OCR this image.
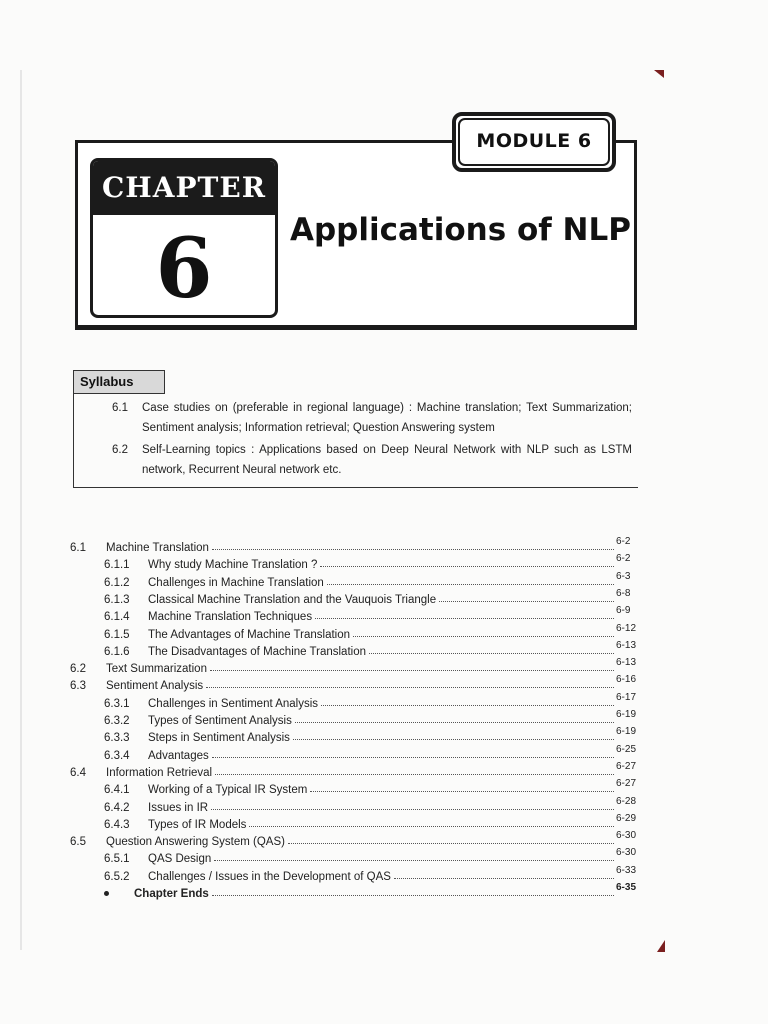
MODULE 6
CHAPTER
6	Applications of NLP
Syllabus
6.1 Case studies on (preferable in regional language) : Machine translation; Text Summarization; Sentiment analysis; Information retrieval; Question Answering system
6.2 Self-Learning topics : Applications based on Deep Neural Network with NLP such as LSTM network, Recurrent Neural network etc.
6.1 Machine Translation
6-2
6.1.1 Why study Machine Translation ?
6-2
6.1.2 Challenges in Machine Translation
6-3
6.1.3 Classical Machine Translation and the Vauquois Triangle
6-8
6.1.4 Machine Translation Techniques
6-9
6.1.5 The Advantages of Machine Translation
6-12
6.1.6 The Disadvantages of Machine Translation
6-13
6.2 Text Summarization
6-13
6.3 Sentiment Analysis
6-16
6.3.1 Challenges in Sentiment Analysis
6-17
6.3.2 Types of Sentiment Analysis
6-19
6.3.3 Steps in Sentiment Analysis
6-19
6.3.4 Advantages
6-25
6.4 Information Retrieval
6-27
6.4.1 Working of a Typical IR System
6-27
6.4.2 Issues in IR
6-28
6.4.3 Types of IR Models
6-29
6.5 Question Answering System (QAS)
6-30
6.5.1 QAS Design
6-30
6.5.2 Challenges / Issues in the Development of QAS
6-33
Chapter Ends
6-35
